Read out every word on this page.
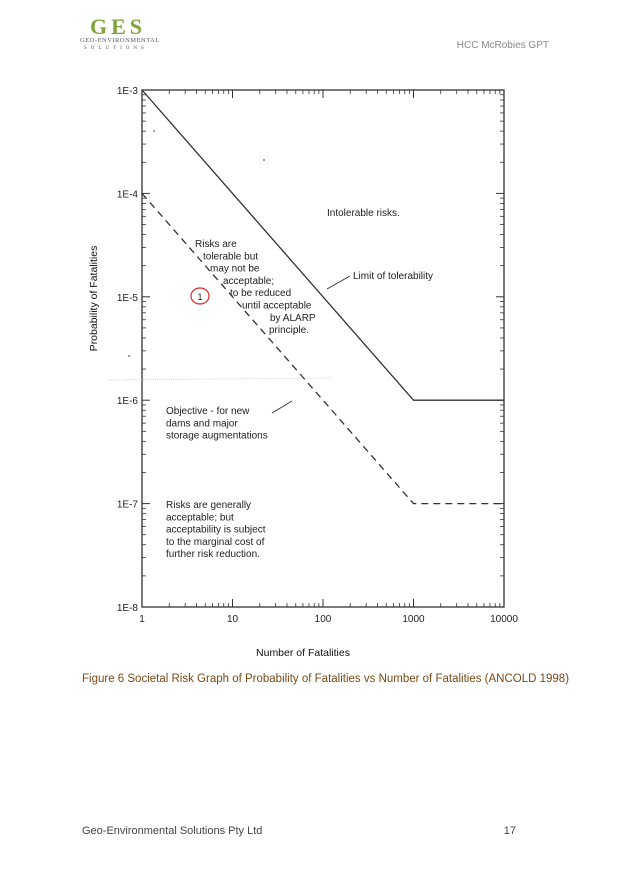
GES
GEO-ENVIRONMENTAL
SOLUTIONS	HCC McRobies GPT
1	10	100	1000	10000
1E-3
1E-4
1E-5
1E-6
1E-7
1E-8
Number of Fatalities
Probability of Fatalities
Intolerable risks.
Limit of tolerability
Risks are
tolerable but
may not be
acceptable;
to be reduced
until acceptable
by ALARP
principle.
Objective - for new
dams and major
storage augmentations
Risks are generally
acceptable; but
acceptability is subject
to the marginal cost of
further risk reduction.
1
Figure 6 Societal Risk Graph of Probability of Fatalities vs Number of Fatalities (ANCOLD 1998)
Geo-Environmental Solutions Pty Ltd	17
